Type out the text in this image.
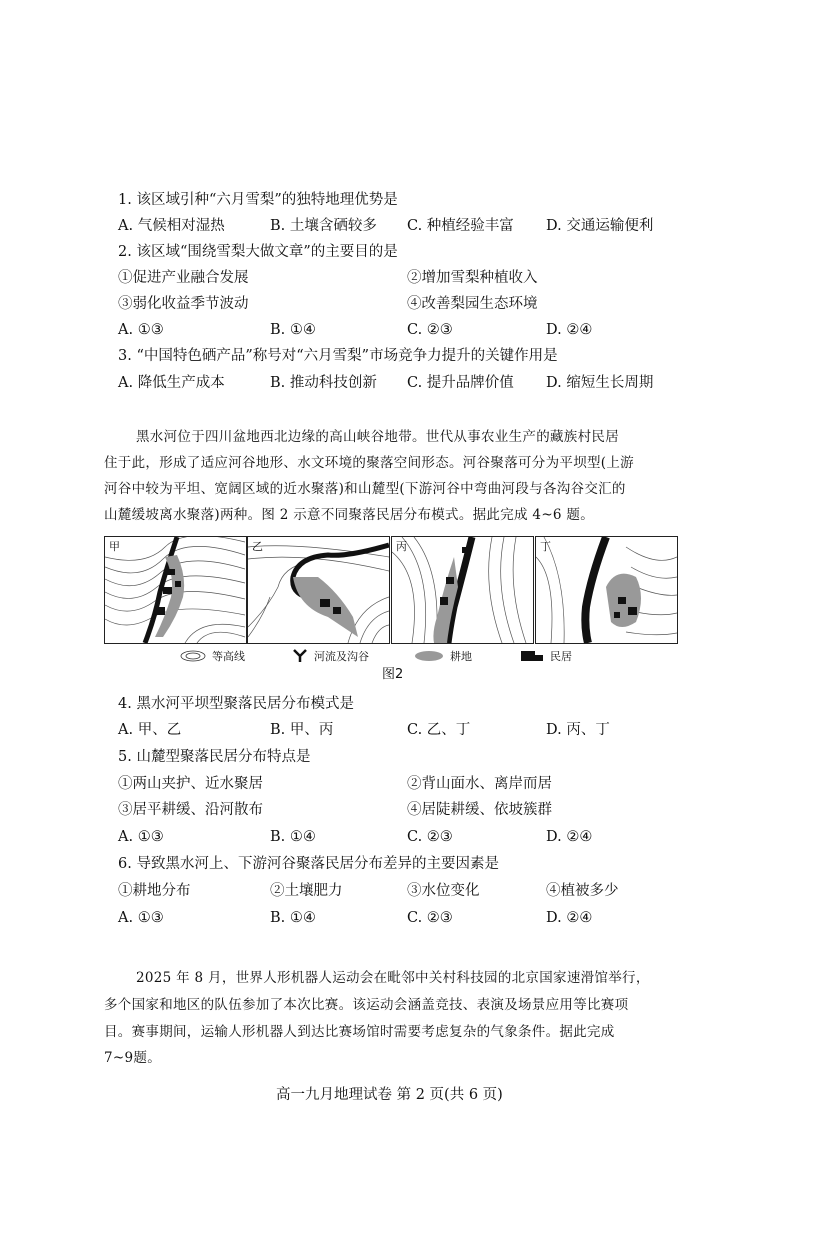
1. 该区域引种“六月雪梨”的独特地理优势是
A. 气候相对湿热	B. 土壤含硒较多 C. 种植经验丰富 D. 交通运输便利
2. 该区域“围绕雪梨大做文章”的主要目的是
①促进产业融合发展	②增加雪梨种植收入
③弱化收益季节波动	④改善梨园生态环境
A. ①③	B. ①④	C. ②③	D. ②④
3. “中国特色硒产品”称号对“六月雪梨”市场竞争力提升的关键作用是
A. 降低生产成本	B. 推动科技创新 C. 提升品牌价值 D. 缩短生长周期
黑水河位于四川盆地西北边缘的高山峡谷地带。世代从事农业生产的藏族村民居
住于此，形成了适应河谷地形、水文环境的聚落空间形态。河谷聚落可分为平坝型(上游
河谷中较为平坦、宽阔区域的近水聚落)和山麓型(下游河谷中弯曲河段与各沟谷交汇的
山麓缓坡离水聚落)两种。图 2 示意不同聚落民居分布模式。据此完成 4~6 题。
甲	乙	丙	丁
等高线	河流及沟谷	耕地	民居
图2
4. 黑水河平坝型聚落民居分布模式是
A. 甲、乙	B. 甲、丙	C. 乙、丁	D. 丙、丁
5. 山麓型聚落民居分布特点是
①两山夹护、近水聚居	②背山面水、离岸而居
③居平耕缓、沿河散布	④居陡耕缓、依坡簇群
A. ①③	B. ①④	C. ②③	D. ②④
6. 导致黑水河上、下游河谷聚落民居分布差异的主要因素是
①耕地分布	②土壤肥力	③水位变化	④植被多少
A. ①③	B. ①④	C. ②③	D. ②④
2025 年 8 月，世界人形机器人运动会在毗邻中关村科技园的北京国家速滑馆举行，
多个国家和地区的队伍参加了本次比赛。该运动会涵盖竞技、表演及场景应用等比赛项
目。赛事期间，运输人形机器人到达比赛场馆时需要考虑复杂的气象条件。据此完成
7~9题。
高一九月地理试卷 第 2 页(共 6 页)
